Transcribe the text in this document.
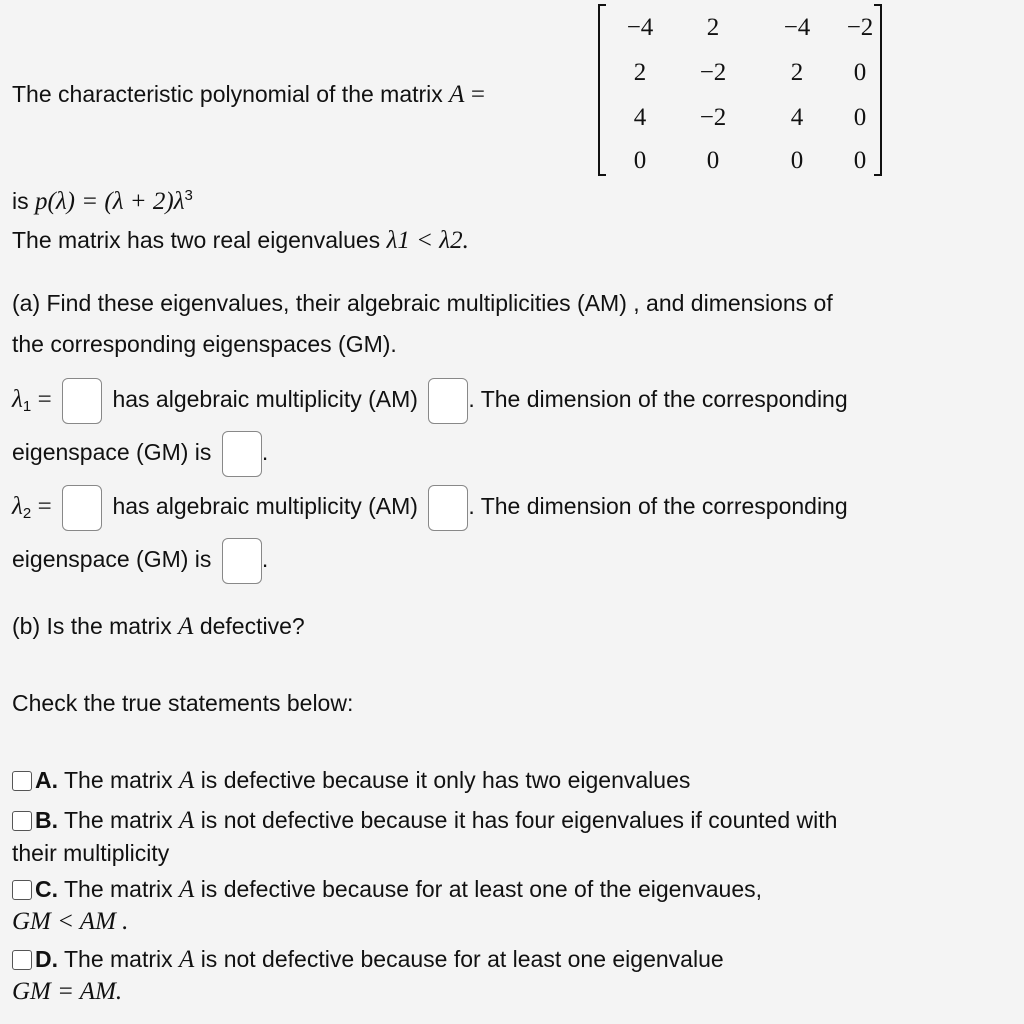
The characteristic polynomial of the matrix A =
−4	2	−4	−2
2	−2	2	0
4	−2	4	0
0	0	0	0
is $p(\lambda) = (\lambda + 2)\lambda^3$
The matrix has two real eigenvalues λ1 < λ2.
(a) Find these eigenvalues, their algebraic multiplicities (AM) , and dimensions of
the corresponding eigenspaces (GM).
$\lambda_1$ =	has algebraic multiplicity (AM) . The dimension of the corresponding
eigenspace (GM) is .
$\lambda_2$ =	has algebraic multiplicity (AM) . The dimension of the corresponding
eigenspace (GM) is .
(b) Is the matrix A defective?
Check the true statements below:
A. The matrix A is defective because it only has two eigenvalues
B. The matrix A is not defective because it has four eigenvalues if counted with
their multiplicity
C. The matrix A is defective because for at least one of the eigenvaues,
GM < AM .
D. The matrix A is not defective because for at least one eigenvalue
GM = AM.
